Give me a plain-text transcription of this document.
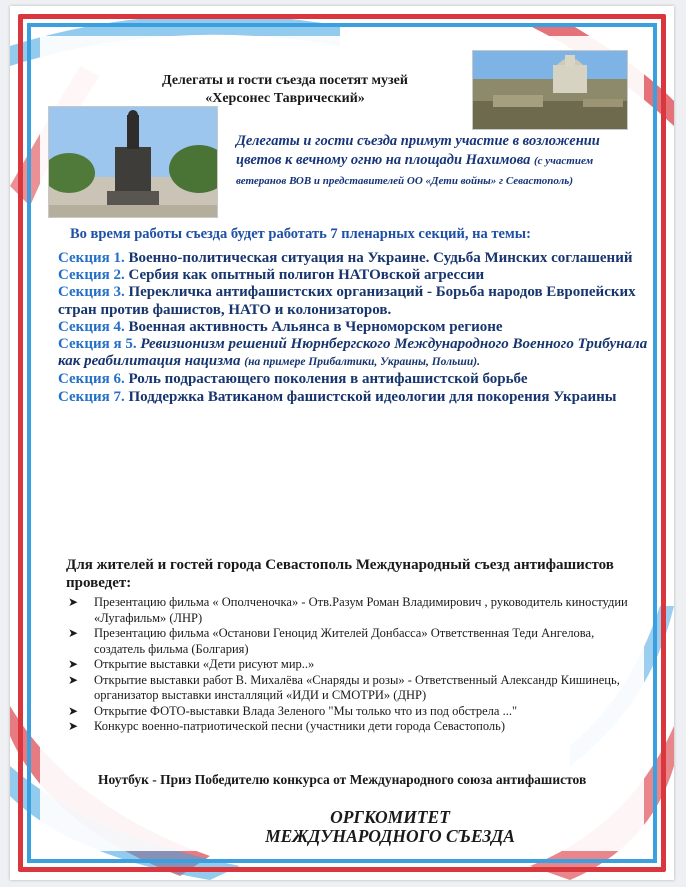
Делегаты и гости съезда посетят музей «Херсонес Таврический»
Делегаты и гости съезда примут участие в возложении цветов к вечному огню на площади Нахимова (с участием ветеранов ВОВ и представителей ОО «Дети войны» г Севастополь)
Во время работы съезда будет работать 7 пленарных секций, на темы:

Секция 1. Военно-политическая ситуация на Украине. Судьба Минских соглашений

Секция 2. Сербия как опытный полигон НАТОвской агрессии

Секция 3. Перекличка антифашистских организаций - Борьба народов Европейских стран против фашистов, НАТО и колонизаторов.

Секция 4. Военная активность Альянса в Черноморском регионе

Секция я 5. Ревизионизм решений Нюрнбергского Международного Военного Трибунала как реабилитация нацизма (на примере Прибалтики, Украины, Польши).

Секция 6. Роль подрастающего поколения в антифашистской борьбе

Секция 7. Поддержка Ватиканом фашистской идеологии для покорения Украины

Для жителей и гостей города Севастополь Международный съезд антифашистов проведет:
➤ Презентацию фильма « Ополченочка» - Отв.Разум Роман Владимирович , руководитель киностудии «Лугафильм» (ЛНР)
➤ Презентацию фильма «Останови Геноцид Жителей Донбасса» Ответственная Теди Ангелова, создатель фильма (Болгария)
➤ Открытие выставки «Дети рисуют мир..»
➤ Открытие выставки работ В. Михалёва «Снаряды и розы» - Ответственный Александр Кишинець, организатор выставки инсталляций «ИДИ и СМОТРИ» (ДНР)
➤ Открытие ФОТО-выставки Влада Зеленого "Мы только что из под обстрела ..."
➤ Конкурс военно-патриотической песни (участники дети города Севастополь)
Ноутбук - Приз Победителю конкурса от Международного союза антифашистов
ОРГКОМИТЕТ
МЕЖДУНАРОДНОГО СЪЕЗДА
